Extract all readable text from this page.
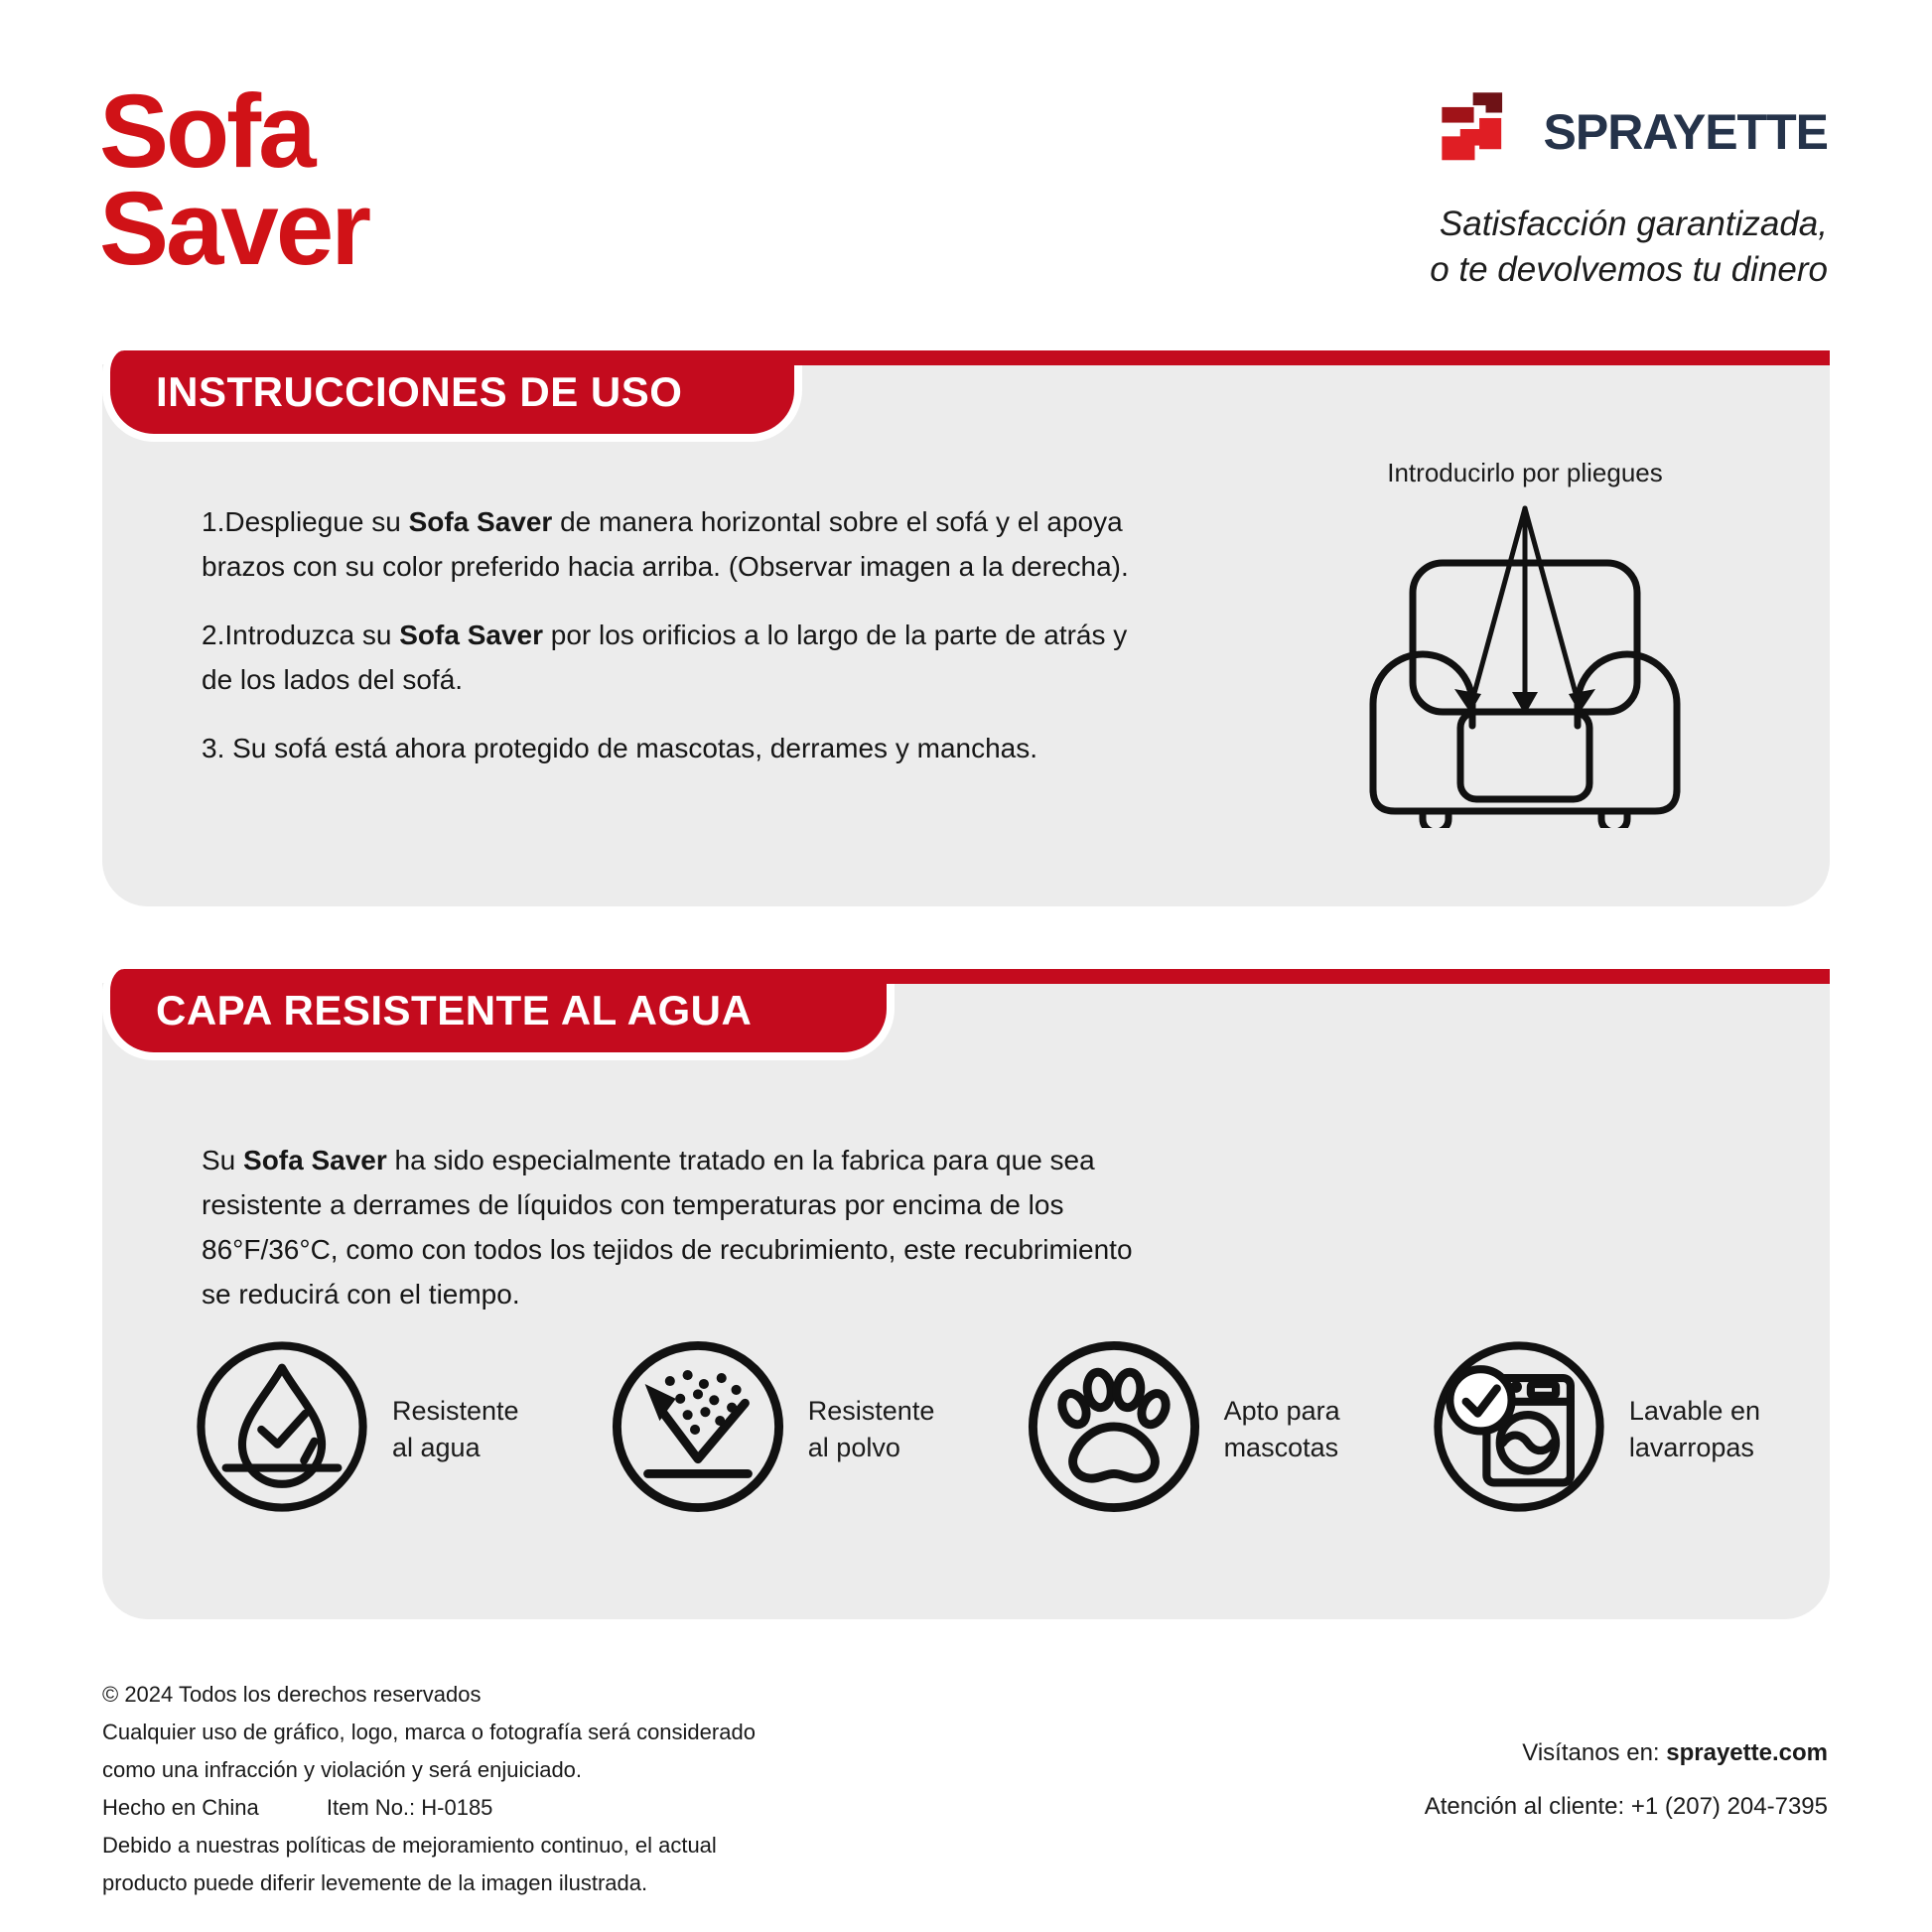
Sofa
Saver
SPRAYETTE
Satisfacción garantizada,
o te devolvemos tu dinero
INSTRUCCIONES DE USO

1.Despliegue su Sofa Saver de manera horizontal sobre el sofá y el apoya brazos con su color preferido hacia arriba. (Observar imagen a la derecha).

2.Introduzca su Sofa Saver por los orificios a lo largo de la parte de atrás y de los lados del sofá.

3. Su sofá está ahora protegido de mascotas, derrames y manchas.

Introducirlo por pliegues
CAPA RESISTENTE AL AGUA
Su Sofa Saver ha sido especialmente tratado en la fabrica para que sea resistente a derrames de líquidos con temperaturas por encima de los 86°F/36°C, como con todos los tejidos de recubrimiento, este recubrimiento se reducirá con el tiempo.
Resistente
al agua
Resistente
al polvo
Apto para
mascotas
Lavable en
lavarropas
© 2024 Todos los derechos reservados
Cualquier uso de gráfico, logo, marca o fotografía será considerado
como una infracción y violación y será enjuiciado.
Hecho en China	Item No.: H-0185
Debido a nuestras políticas de mejoramiento continuo, el actual
producto puede diferir levemente de la imagen ilustrada.
Visítanos en: sprayette.com
Atención al cliente: +1 (207) 204-7395
